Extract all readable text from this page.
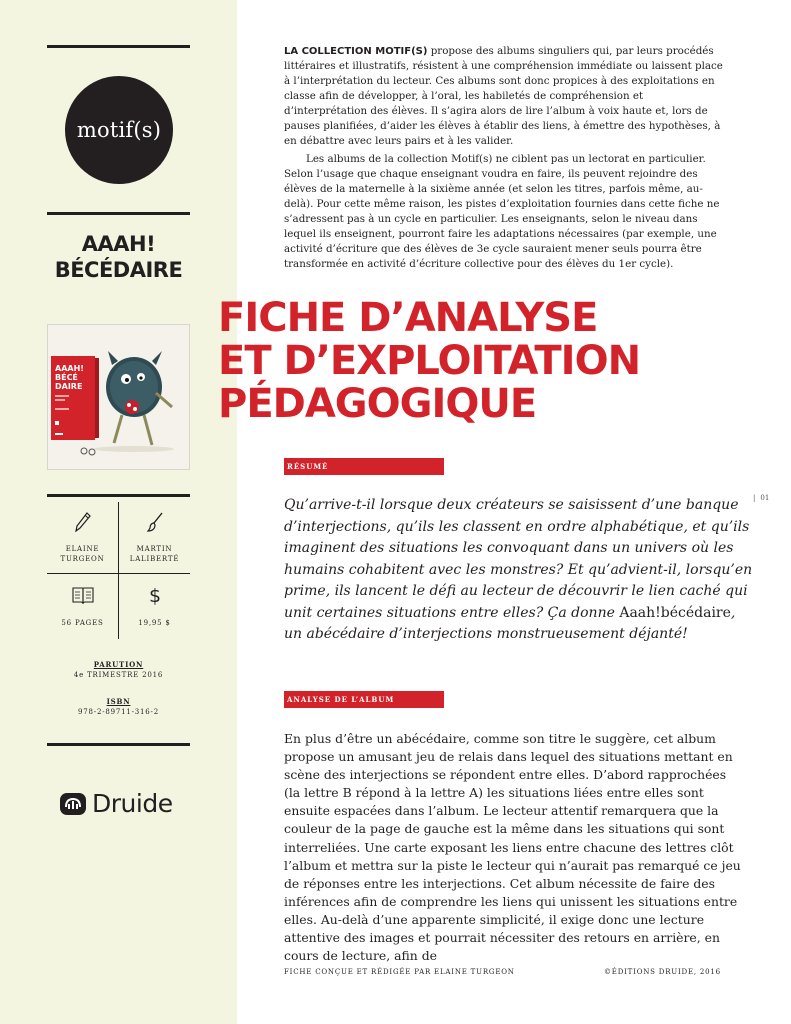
motif(s)
AAAH!
BÉCÉDAIRE
AAAH!
BÉCÉ
DAIRE
ELAINE TURGEON
MARTIN LALIBERTÉ
56 PAGES
$
19,95 $
PARUTION
4e TRIMESTRE 2016
ISBN
978-2-89711-316-2
Druide
LA COLLECTION MOTIF(S) propose des albums singuliers qui, par leurs procédés littéraires et illustratifs, résistent à une compréhension immédiate ou laissent place à l’interprétation du lecteur. Ces albums sont donc propices à des exploitations en classe afin de développer, à l’oral, les habiletés de compréhension et d’interprétation des élèves. Il s’agira alors de lire l’album à voix haute et, lors de pauses planifiées, d’aider les élèves à établir des liens, à émettre des hypothèses, à en débattre avec leurs pairs et à les valider.
Les albums de la collection Motif(s) ne ciblent pas un lectorat en particulier. Selon l’usage que chaque enseignant voudra en faire, ils peuvent rejoindre des élèves de la maternelle à la sixième année (et selon les titres, parfois même, au-delà). Pour cette même raison, les pistes d’exploitation fournies dans cette fiche ne s’adressent pas à un cycle en particulier. Les enseignants, selon le niveau dans lequel ils enseignent, pourront faire les adaptations nécessaires (par exemple, une activité d’écriture que des élèves de 3e cycle sauraient mener seuls pourra être transformée en activité d’écriture collective pour des élèves du 1er cycle).
FICHE D’ANALYSE
ET D’EXPLOITATION
PÉDAGOGIQUE
RÉSUMÉ
| 01
Qu’arrive-t-il lorsque deux créateurs se saisissent d’une banque d’interjections, qu’ils les classent en ordre alphabétique, et qu’ils imaginent des situations les convoquant dans un univers où les humains cohabitent avec les monstres? Et qu’advient-il, lorsqu’en prime, ils lancent le défi au lecteur de découvrir le lien caché qui unit certaines situations entre elles? Ça donne Aaah!bécédaire, un abécédaire d’interjections monstrueusement déjanté!
ANALYSE DE L’ALBUM
En plus d’être un abécédaire, comme son titre le suggère, cet album propose un amusant jeu de relais dans lequel des situations mettant en scène des interjections se répondent entre elles. D’abord rapprochées (la lettre B répond à la lettre A) les situations liées entre elles sont ensuite espacées dans l’album. Le lecteur attentif remarquera que la couleur de la page de gauche est la même dans les situations qui sont interreliées. Une carte exposant les liens entre chacune des lettres clôt l’album et mettra sur la piste le lecteur qui n’aurait pas remarqué ce jeu de réponses entre les interjections. Cet album nécessite de faire des inférences afin de comprendre les liens qui unissent les situations entre elles. Au-delà d’une apparente simplicité, il exige donc une lecture attentive des images et pourrait nécessiter des retours en arrière, en cours de lecture, afin de
FICHE CONÇUE ET RÉDIGÉE PAR ELAINE TURGEON	©ÉDITIONS DRUIDE, 2016
